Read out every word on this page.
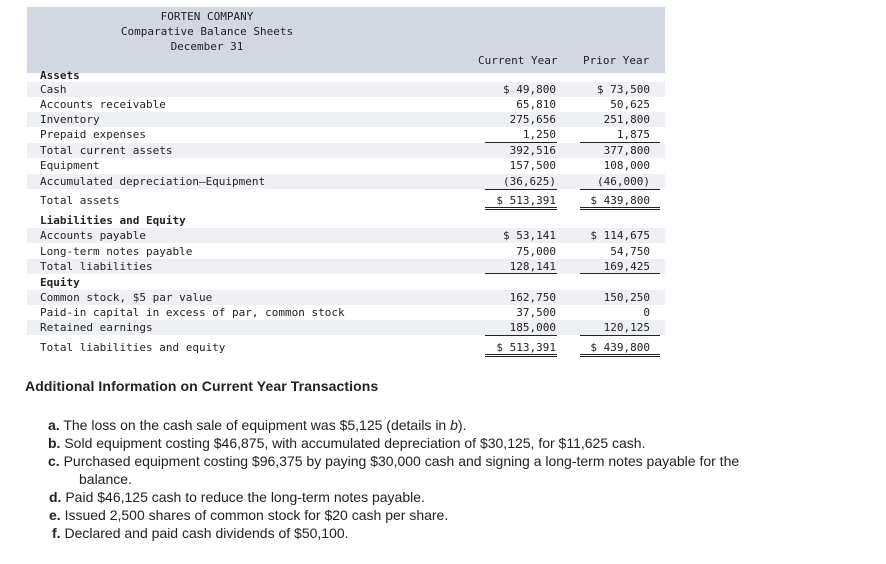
FORTEN COMPANY
Comparative Balance Sheets
December 31
Current Year Prior Year
Assets
Cash	$ 49,800	$ 73,500
Accounts receivable	65,810	50,625
Inventory	275,656	251,800
Prepaid expenses	1,250	1,875
Total current assets	392,516	377,800
Equipment	157,500	108,000
Accumulated depreciation—Equipment	(36,625)	(46,000)
Total assets	$ 513,391	$ 439,800
Liabilities and Equity
Accounts payable	$ 53,141	$ 114,675
Long-term notes payable	75,000	54,750
Total liabilities	128,141	169,425
Equity
Common stock, $5 par value	162,750	150,250
Paid-in capital in excess of par, common stock	37,500	0
Retained earnings	185,000	120,125
Total liabilities and equity	$ 513,391	$ 439,800
Additional Information on Current Year Transactions
a. The loss on the cash sale of equipment was $5,125 (details in b).
b. Sold equipment costing $46,875, with accumulated depreciation of $30,125, for $11,625 cash.
c. Purchased equipment costing $96,375 by paying $30,000 cash and signing a long-term notes payable for the
balance.
d. Paid $46,125 cash to reduce the long-term notes payable.
e. Issued 2,500 shares of common stock for $20 cash per share.
f. Declared and paid cash dividends of $50,100.
